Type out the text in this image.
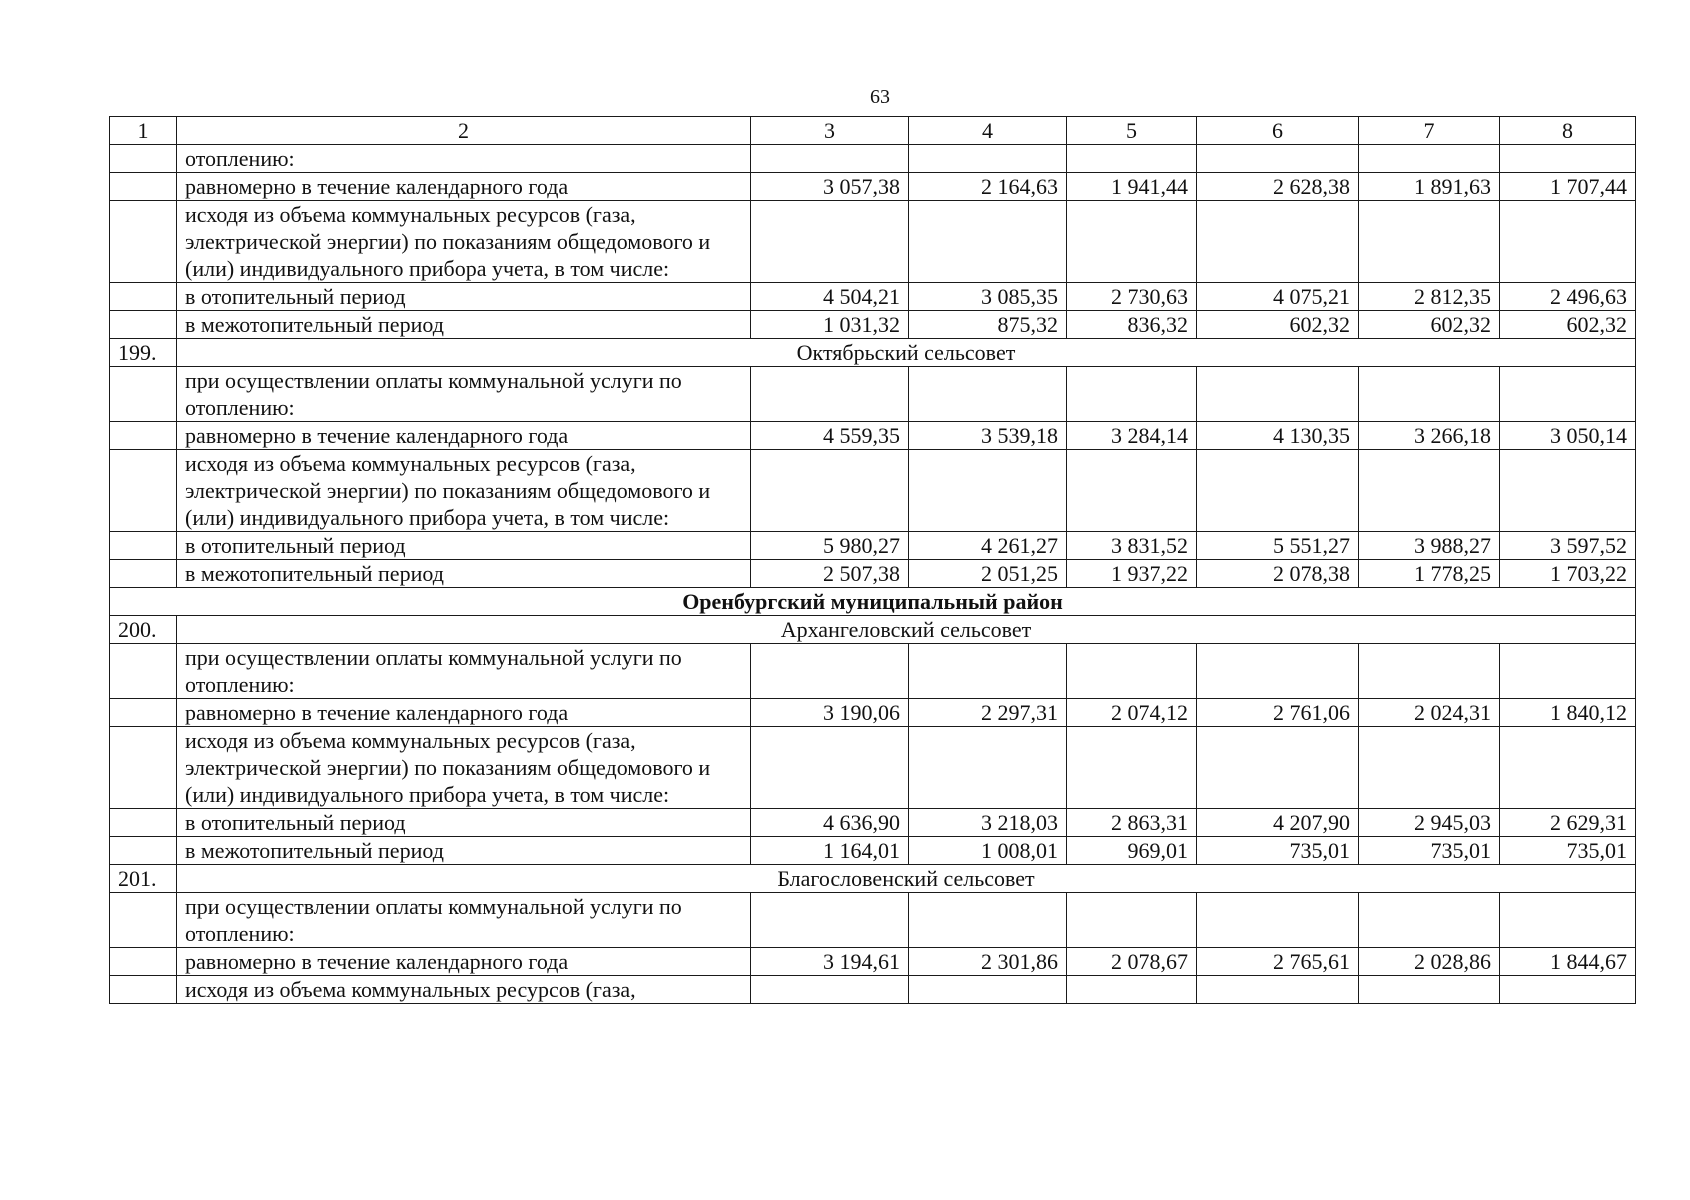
63
1	2	3	4	5	6	7	8
	отоплению:						
	равномерно в течение календарного года	3 057,38	2 164,63	1 941,44	2 628,38	1 891,63	1 707,44
	исходя из объема коммунальных ресурсов (газа, электрической энергии) по показаниям общедомового и (или) индивидуального прибора учета, в том числе:						
	в отопительный период	4 504,21	3 085,35	2 730,63	4 075,21	2 812,35	2 496,63
	в межотопительный период	1 031,32	875,32	836,32	602,32	602,32	602,32
199.	Октябрьский сельсовет						
	при осуществлении оплаты коммунальной услуги по отоплению:						
	равномерно в течение календарного года	4 559,35	3 539,18	3 284,14	4 130,35	3 266,18	3 050,14
	исходя из объема коммунальных ресурсов (газа, электрической энергии) по показаниям общедомового и (или) индивидуального прибора учета, в том числе:						
	в отопительный период	5 980,27	4 261,27	3 831,52	5 551,27	3 988,27	3 597,52
	в межотопительный период	2 507,38	2 051,25	1 937,22	2 078,38	1 778,25	1 703,22
Оренбургский муниципальный район							
200.	Архангеловский сельсовет						
	при осуществлении оплаты коммунальной услуги по отоплению:						
	равномерно в течение календарного года	3 190,06	2 297,31	2 074,12	2 761,06	2 024,31	1 840,12
	исходя из объема коммунальных ресурсов (газа, электрической энергии) по показаниям общедомового и (или) индивидуального прибора учета, в том числе:						
	в отопительный период	4 636,90	3 218,03	2 863,31	4 207,90	2 945,03	2 629,31
	в межотопительный период	1 164,01	1 008,01	969,01	735,01	735,01	735,01
201.	Благословенский сельсовет						
	при осуществлении оплаты коммунальной услуги по отоплению:						
	равномерно в течение календарного года	3 194,61	2 301,86	2 078,67	2 765,61	2 028,86	1 844,67
	исходя из объема коммунальных ресурсов (газа,						
